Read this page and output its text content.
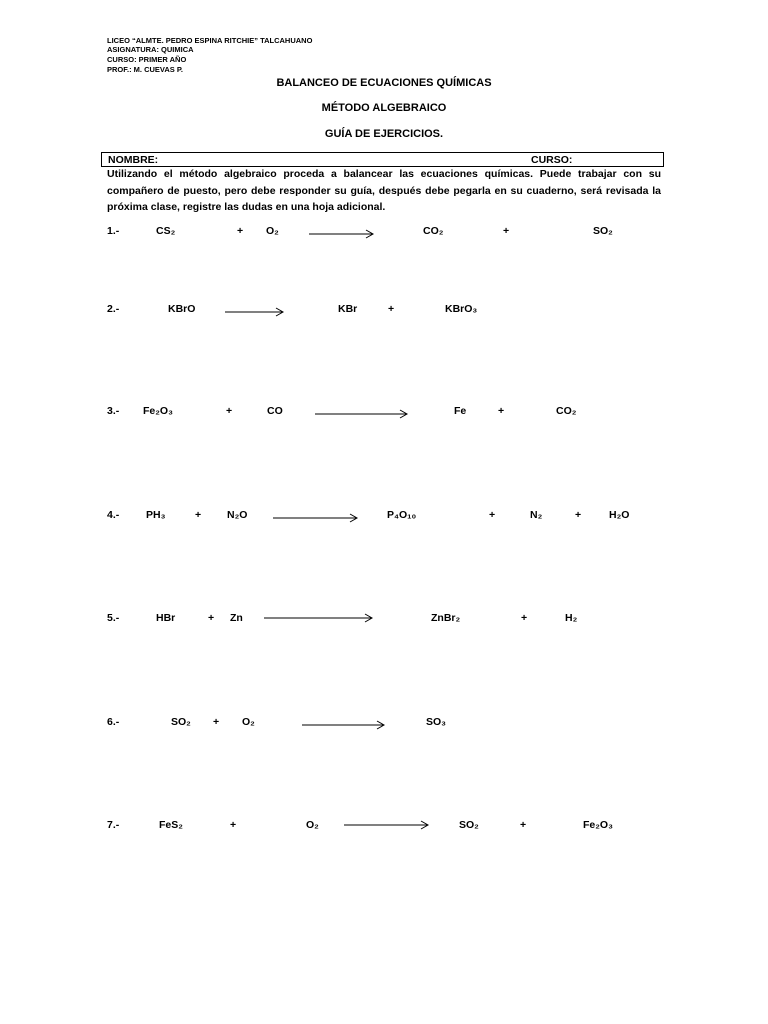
LICEO “ALMTE. PEDRO ESPINA RITCHIE” TALCAHUANO
ASIGNATURA: QUIMICA
CURSO: PRIMER AÑO
PROF.: M. CUEVAS P.
BALANCEO DE ECUACIONES QUÍMICAS
MÉTODO ALGEBRAICO
GUÍA DE EJERCICIOS.
NOMBRE:	CURSO:
Utilizando el método algebraico proceda a balancear las ecuaciones químicas. Puede trabajar con su compañero de puesto, pero debe responder su guía, después debe pegarla en su cuaderno, será revisada la próxima clase, registre las dudas en una hoja adicional.
1.-	CS₂	+ O₂	CO₂	+	SO₂
2.-	KBrO	KBr	+	KBrO₃
3.- Fe₂O₃	+	CO	Fe	+	CO₂
4.-	PH₃	+ N₂O	P₄O₁₀	+	N₂	+	H₂O
5.-	HBr	+ Zn	ZnBr₂	+	H₂
6.-	SO₂ + O₂	SO₃
7.-	FeS₂	+	O₂	SO₂	+	Fe₂O₃
